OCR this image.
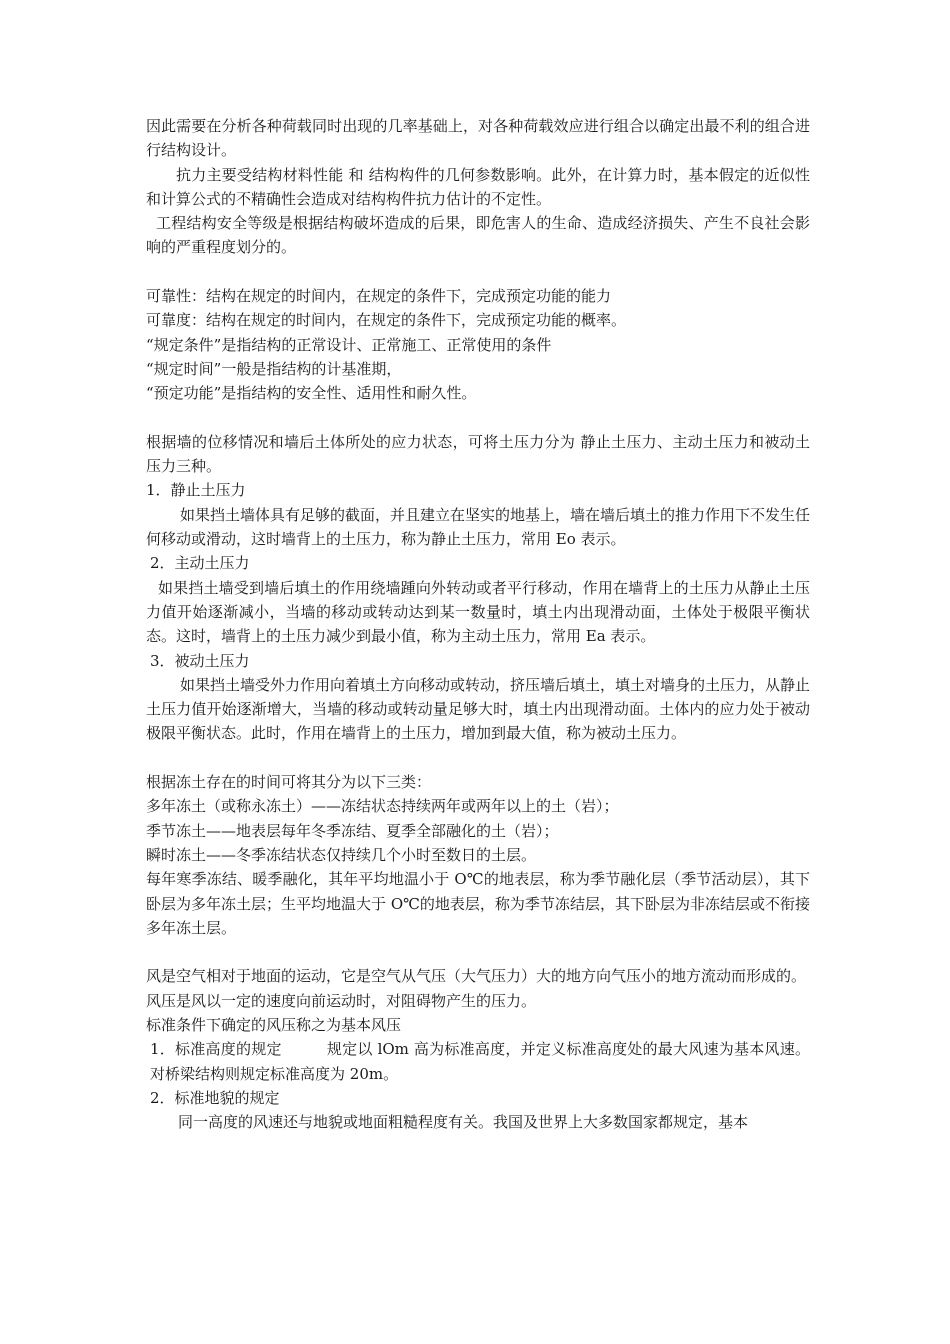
因此需要在分析各种荷载同时出现的几率基础上，对各种荷载效应进行组合以确定出最不利的组合进行结构设计。

抗力主要受结构材料性能 和 结构构件的几何参数影响。此外，在计算力时，基本假定的近似性和计算公式的不精确性会造成对结构构件抗力估计的不定性。

工程结构安全等级是根据结构破坏造成的后果，即危害人的生命、造成经济损失、产生不良社会影响的严重程度划分的。

可靠性：结构在规定的时间内，在规定的条件下，完成预定功能的能力

可靠度：结构在规定的时间内，在规定的条件下，完成预定功能的概率。

“规定条件”是指结构的正常设计、正常施工、正常使用的条件

“规定时间”一般是指结构的计基准期，

“预定功能”是指结构的安全性、适用性和耐久性。

根据墙的位移情况和墙后土体所处的应力状态，可将土压力分为 静止土压力、主动土压力和被动土压力三种。

1．静止土压力

如果挡土墙体具有足够的截面，并且建立在坚实的地基上，墙在墙后填土的推力作用下不发生任何移动或滑动，这时墙背上的土压力，称为静止土压力，常用 Eo 表示。

2．主动土压力

如果挡土墙受到墙后填土的作用绕墙踵向外转动或者平行移动，作用在墙背上的土压力从静止土压力值开始逐渐减小，当墙的移动或转动达到某一数量时，填土内出现滑动面，土体处于极限平衡状态。这时，墙背上的土压力减少到最小值，称为主动土压力，常用 Ea 表示。

3．被动土压力

如果挡土墙受外力作用向着填土方向移动或转动，挤压墙后填土，填土对墙身的土压力，从静止土压力值开始逐渐增大，当墙的移动或转动量足够大时，填土内出现滑动面。土体内的应力处于被动极限平衡状态。此时，作用在墙背上的土压力，增加到最大值，称为被动土压力。

根据冻土存在的时间可将其分为以下三类：

多年冻土（或称永冻土）——冻结状态持续两年或两年以上的土（岩）；

季节冻土——地表层每年冬季冻结、夏季全部融化的土（岩）；

瞬时冻土——冬季冻结状态仅持续几个小时至数日的土层。

每年寒季冻结、暖季融化，其年平均地温小于 O℃的地表层，称为季节融化层（季节活动层），其下卧层为多年冻土层；生平均地温大于 O℃的地表层，称为季节冻结层，其下卧层为非冻结层或不衔接多年冻土层。

风是空气相对于地面的运动，它是空气从气压（大气压力）大的地方向气压小的地方流动而形成的。

风压是风以一定的速度向前运动时，对阻碍物产生的压力。

标准条件下确定的风压称之为基本风压

1．标准高度的规定         规定以 lOm 高为标准高度，并定义标准高度处的最大风速为基本风速。对桥梁结构则规定标准高度为 20m。

2．标准地貌的规定

同一高度的风速还与地貌或地面粗糙程度有关。我国及世界上大多数国家都规定，基本
